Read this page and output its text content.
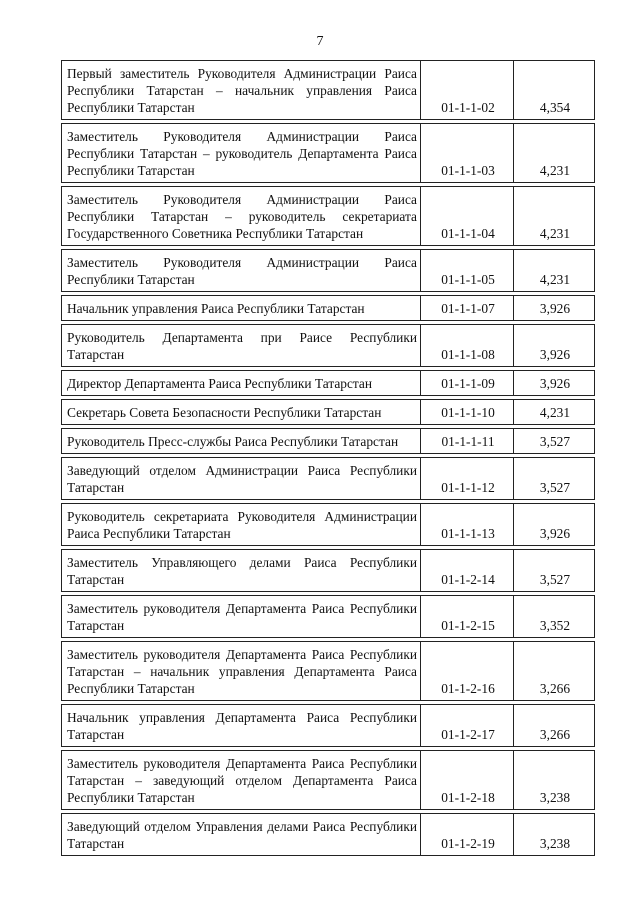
7
Первый заместитель Руководителя Администрации Раиса Республики Татарстан – начальник управления Раиса Республики Татарстан	01-1-1-02	4,354

Заместитель Руководителя Администрации Раиса Республики Татарстан – руководитель Департамента Раиса Республики Татарстан	01-1-1-03	4,231

Заместитель Руководителя Администрации Раиса Республики Татарстан – руководитель секретариата Государственного Советника Республики Татарстан	01-1-1-04	4,231

Заместитель Руководителя Администрации Раиса Республики Татарстан	01-1-1-05	4,231

Начальник управления Раиса Республики Татарстан	01-1-1-07	3,926

Руководитель Департамента при Раисе Республики Татарстан	01-1-1-08	3,926

Директор Департамента Раиса Республики Татарстан	01-1-1-09	3,926

Секретарь Совета Безопасности Республики Татарстан	01-1-1-10	4,231

Руководитель Пресс-службы Раиса Республики Татарстан	01-1-1-11	3,527

Заведующий отделом Администрации Раиса Республики Татарстан	01-1-1-12	3,527

Руководитель секретариата Руководителя Администрации Раиса Республики Татарстан	01-1-1-13	3,926

Заместитель Управляющего делами Раиса Республики Татарстан	01-1-2-14	3,527

Заместитель руководителя Департамента Раиса Республики Татарстан	01-1-2-15	3,352

Заместитель руководителя Департамента Раиса Республики Татарстан – начальник управления Департамента Раиса Республики Татарстан	01-1-2-16	3,266

Начальник управления Департамента Раиса Республики Татарстан	01-1-2-17	3,266

Заместитель руководителя Департамента Раиса Республики Татарстан – заведующий отделом Департамента Раиса Республики Татарстан	01-1-2-18	3,238

Заведующий отделом Управления делами Раиса Республики Татарстан	01-1-2-19	3,238
